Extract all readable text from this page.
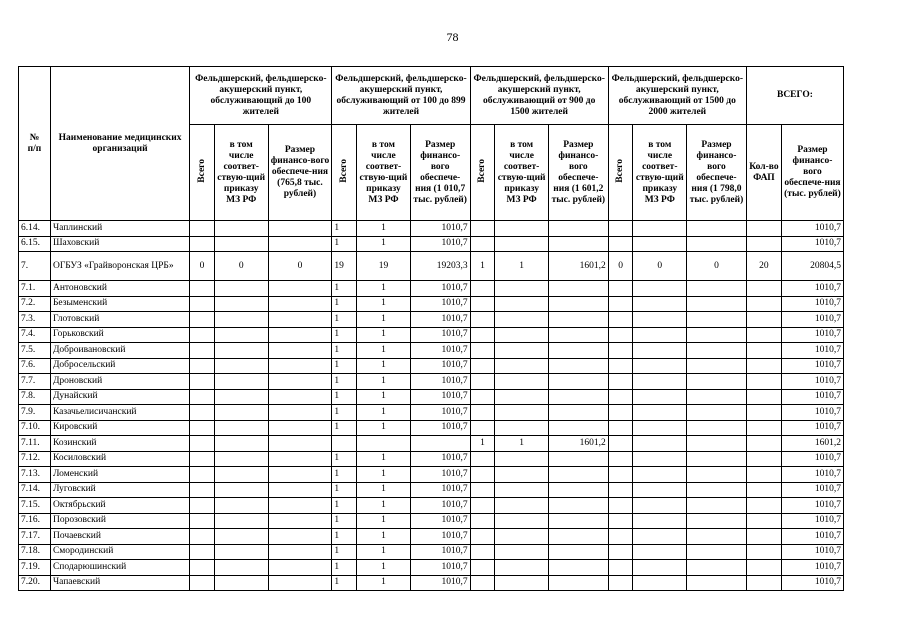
78
№
п/п	Наименование медицинских организаций	Фельдшерский, фельдшерско-акушерский пункт, обслуживающий до 100 жителей			Фельдшерский, фельдшерско-акушерский пункт, обслуживающий от 100 до 899 жителей			Фельдшерский, фельдшерско-акушерский пункт, обслуживающий от 900 до 1500 жителей			Фельдшерский, фельдшерско-акушерский пункт, обслуживающий от 1500 до 2000 жителей			ВСЕГО:	
		Всего	в том числе соответ-ствую-щий приказу МЗ РФ	Размер финансо-вого обеспече-ния (765,8 тыс. рублей)	Всего	в том числе соответ-ствую-щий приказу МЗ РФ	Размер финансо-вого обеспече-ния (1 010,7 тыс. рублей)	Всего	в том числе соответ-ствую-щий приказу МЗ РФ	Размер финансо-вого обеспече-ния (1 601,2 тыс. рублей)	Всего	в том числе соответ-ствую-щий приказу МЗ РФ	Размер финансо-вого обеспече-ния (1 798,0 тыс. рублей)	Кол-во ФАП	Размер финансо-вого обеспече-ния (тыс. рублей)
6.14.	Чаплинский				1	1	1010,7								1010,7
6.15.	Шаховский				1	1	1010,7								1010,7
7.	ОГБУЗ «Грайворонская ЦРБ»	0	0	0	19	19	19203,3	1	1	1601,2	0	0	0	20	20804,5
7.1.	Антоновский				1	1	1010,7								1010,7
7.2.	Безыменский				1	1	1010,7								1010,7
7.3.	Глотовский				1	1	1010,7								1010,7
7.4.	Горьковский				1	1	1010,7								1010,7
7.5.	Доброивановский				1	1	1010,7								1010,7
7.6.	Добросельский				1	1	1010,7								1010,7
7.7.	Дроновский				1	1	1010,7								1010,7
7.8.	Дунайский				1	1	1010,7								1010,7
7.9.	Казачьелисичанский				1	1	1010,7								1010,7
7.10.	Кировский				1	1	1010,7								1010,7
7.11.	Козинский							1	1	1601,2					1601,2
7.12.	Косиловский				1	1	1010,7								1010,7
7.13.	Ломенский				1	1	1010,7								1010,7
7.14.	Луговский				1	1	1010,7								1010,7
7.15.	Октябрьский				1	1	1010,7								1010,7
7.16.	Порозовский				1	1	1010,7								1010,7
7.17.	Почаевский				1	1	1010,7								1010,7
7.18.	Смородинский				1	1	1010,7								1010,7
7.19.	Сподарюшинский				1	1	1010,7								1010,7
7.20.	Чапаевский				1	1	1010,7								1010,7
